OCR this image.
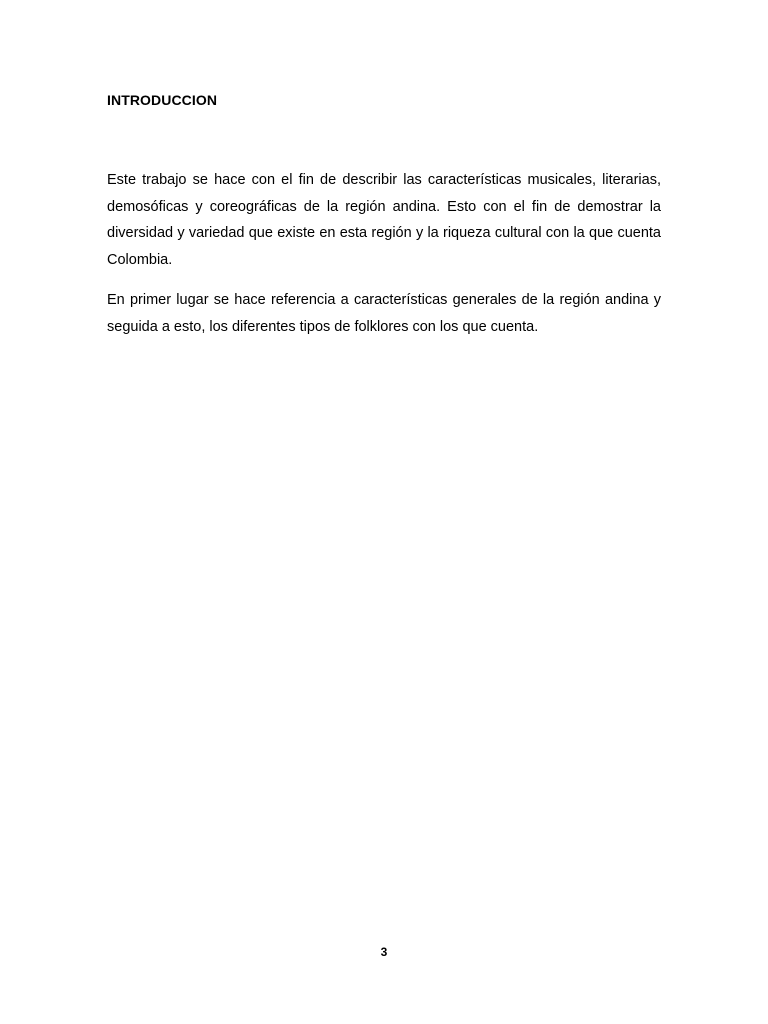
INTRODUCCION

Este trabajo se hace con el fin de describir las características musicales, literarias, demosóficas y coreográficas de la región andina. Esto con el fin de demostrar la diversidad y variedad que existe en esta región y la riqueza cultural con la que cuenta Colombia.

En primer lugar se hace referencia a características generales de la región andina y seguida a esto, los diferentes tipos de folklores con los que cuenta.

3
